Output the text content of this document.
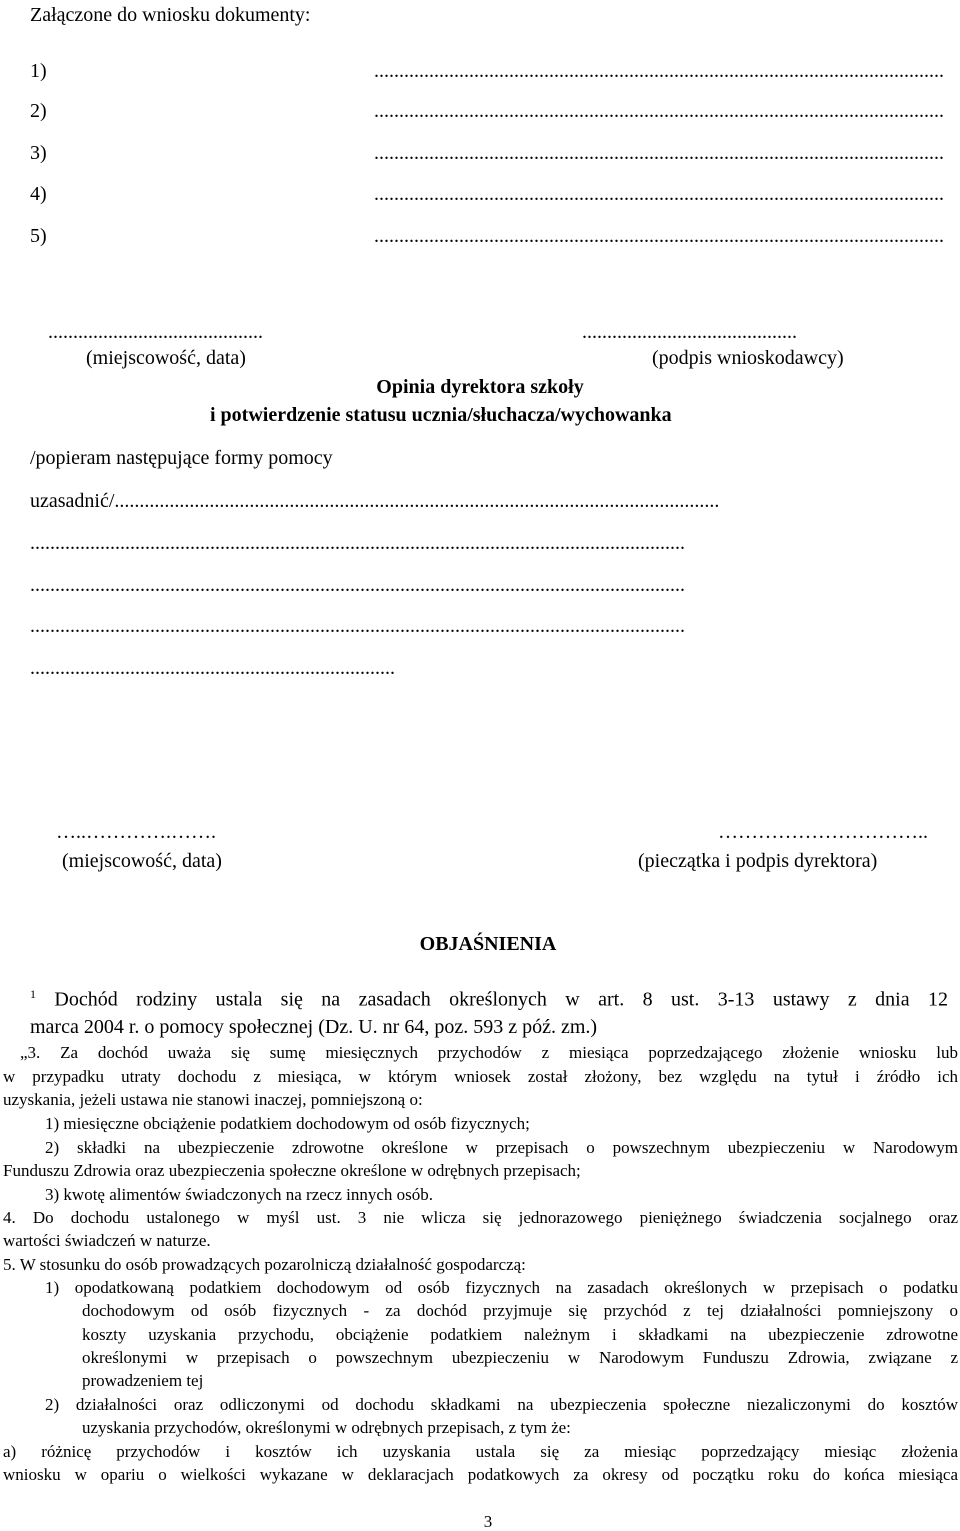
Załączone do wniosku dokumenty:
1) ..................................................................................................................
2) ..................................................................................................................
3) ..................................................................................................................
4) ..................................................................................................................
5) ..................................................................................................................
...........................................	...........................................
(miejscowość, data)	(podpis wnioskodawcy)
Opinia dyrektora szkoły
i potwierdzenie statusu ucznia/słuchacza/wychowanka
/popieram następujące formy pomocy
uzasadnić/.........................................................................................................................
...................................................................................................................................
...................................................................................................................................
...................................................................................................................................
.........................................................................
…..………….…….	…………………………..
(miejscowość, data)	(pieczątka i podpis dyrektora)
OBJAŚNIENIA
$^1$ Dochód rodziny ustala się na zasadach określonych w art. 8 ust. 3-13 ustawy z dnia 12
marca 2004 r. o pomocy społecznej (Dz. U. nr 64, poz. 593 z póź. zm.)
„3. Za dochód uważa się sumę miesięcznych przychodów z miesiąca poprzedzającego złożenie wniosku lub
w przypadku utraty dochodu z miesiąca, w którym wniosek został złożony, bez względu na tytuł i źródło ich
uzyskania, jeżeli ustawa nie stanowi inaczej, pomniejszoną o:
1) miesięczne obciążenie podatkiem dochodowym od osób fizycznych;
2) składki na ubezpieczenie zdrowotne określone w przepisach o powszechnym ubezpieczeniu w Narodowym
Funduszu Zdrowia oraz ubezpieczenia społeczne określone w odrębnych przepisach;
3) kwotę alimentów świadczonych na rzecz innych osób.
4. Do dochodu ustalonego w myśl ust. 3 nie wlicza się jednorazowego pieniężnego świadczenia socjalnego oraz
wartości świadczeń w naturze.
5. W stosunku do osób prowadzących pozarolniczą działalność gospodarczą:
1) opodatkowaną podatkiem dochodowym od osób fizycznych na zasadach określonych w przepisach o podatku
dochodowym od osób fizycznych - za dochód przyjmuje się przychód z tej działalności pomniejszony o
koszty uzyskania przychodu, obciążenie podatkiem należnym i składkami na ubezpieczenie zdrowotne
określonymi w przepisach o powszechnym ubezpieczeniu w Narodowym Funduszu Zdrowia, związane z
prowadzeniem tej
2) działalności oraz odliczonymi od dochodu składkami na ubezpieczenia społeczne niezaliczonymi do kosztów
uzyskania przychodów, określonymi w odrębnych przepisach, z tym że:
a) różnicę przychodów i kosztów ich uzyskania ustala się za miesiąc poprzedzający miesiąc złożenia
wniosku w opariu o wielkości wykazane w deklaracjach podatkowych za okresy od początku roku do końca miesiąca
3
